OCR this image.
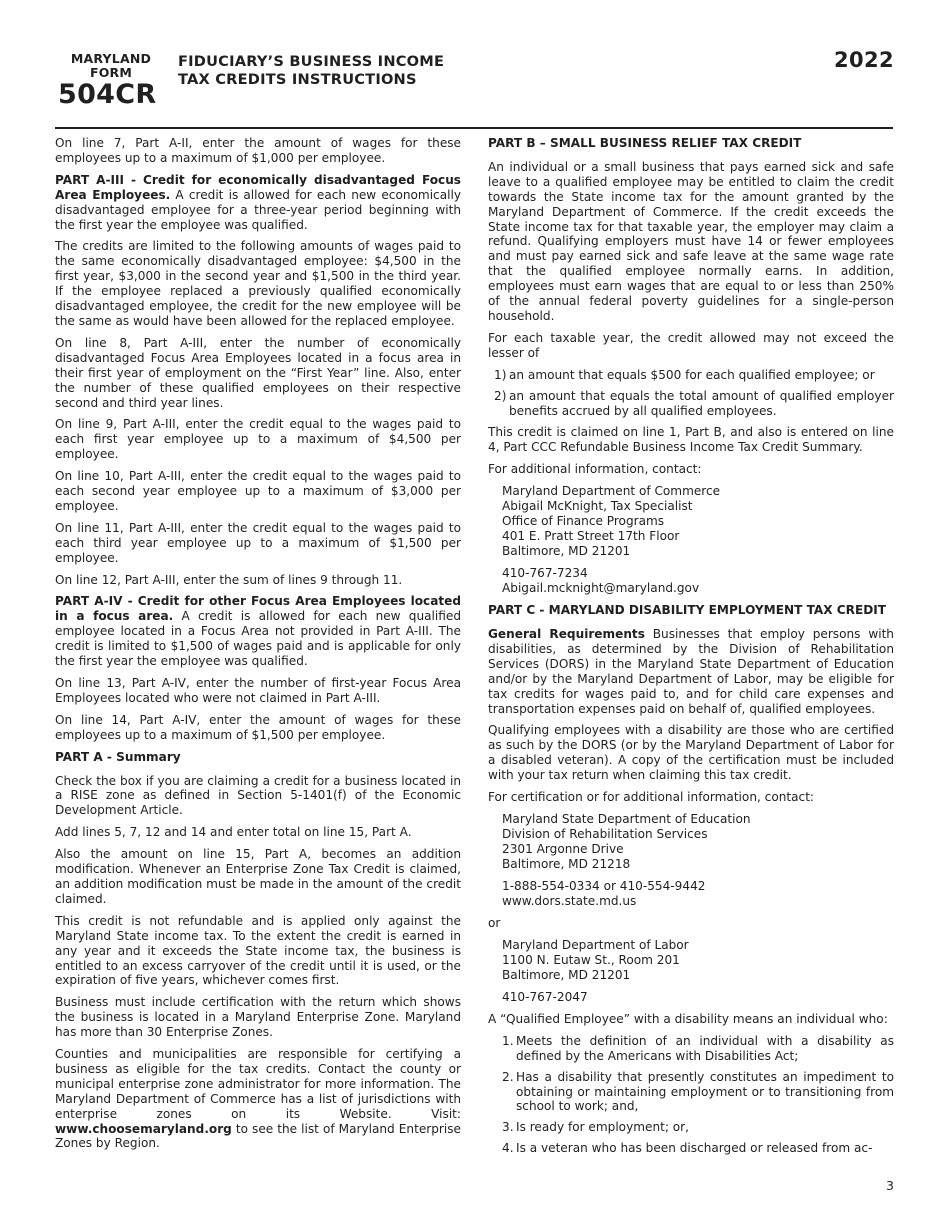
MARYLAND
FORM
504CR
FIDUCIARY’S BUSINESS INCOME
TAX CREDITS INSTRUCTIONS
2022

On line 7, Part A-II, enter the amount of wages for these employees up to a maximum of $1,000 per employee.

PART A-III - Credit for economically disadvantaged Focus Area Employees. A credit is allowed for each new economically disadvantaged employee for a three-year period beginning with the first year the employee was qualified.

The credits are limited to the following amounts of wages paid to the same economically disadvantaged employee: $4,500 in the first year, $3,000 in the second year and $1,500 in the third year. If the employee replaced a previously qualified economically disadvantaged employee, the credit for the new employee will be the same as would have been allowed for the replaced employee.

On line 8, Part A-III, enter the number of economically disadvantaged Focus Area Employees located in a focus area in their first year of employment on the “First Year” line. Also, enter the number of these qualified employees on their respective second and third year lines.

On line 9, Part A-III, enter the credit equal to the wages paid to each first year employee up to a maximum of $4,500 per employee.

On line 10, Part A-III, enter the credit equal to the wages paid to each second year employee up to a maximum of $3,000 per employee.

On line 11, Part A-III, enter the credit equal to the wages paid to each third year employee up to a maximum of $1,500 per employee.

On line 12, Part A-III, enter the sum of lines 9 through 11.

PART A-IV - Credit for other Focus Area Employees located in a focus area. A credit is allowed for each new qualified employee located in a Focus Area not provided in Part A-III. The credit is limited to $1,500 of wages paid and is applicable for only the first year the employee was qualified.

On line 13, Part A-IV, enter the number of first-year Focus Area Employees located who were not claimed in Part A-III.

On line 14, Part A-IV, enter the amount of wages for these employees up to a maximum of $1,500 per employee.

PART A - Summary

Check the box if you are claiming a credit for a business located in a RISE zone as defined in Section 5-1401(f) of the Economic Development Article.

Add lines 5, 7, 12 and 14 and enter total on line 15, Part A.

Also the amount on line 15, Part A, becomes an addition modification. Whenever an Enterprise Zone Tax Credit is claimed, an addition modification must be made in the amount of the credit claimed.

This credit is not refundable and is applied only against the Maryland State income tax. To the extent the credit is earned in any year and it exceeds the State income tax, the business is entitled to an excess carryover of the credit until it is used, or the expiration of five years, whichever comes first.

Business must include certification with the return which shows the business is located in a Maryland Enterprise Zone. Maryland has more than 30 Enterprise Zones.

Counties and municipalities are responsible for certifying a business as eligible for the tax credits. Contact the county or municipal enterprise zone administrator for more information. The Maryland Department of Commerce has a list of jurisdictions with enterprise zones on its Website. Visit: www.choosemaryland.org to see the list of Maryland Enterprise Zones by Region.

PART B – SMALL BUSINESS RELIEF TAX CREDIT

An individual or a small business that pays earned sick and safe leave to a qualified employee may be entitled to claim the credit towards the State income tax for the amount granted by the Maryland Department of Commerce. If the credit exceeds the State income tax for that taxable year, the employer may claim a refund. Qualifying employers must have 14 or fewer employees and must pay earned sick and safe leave at the same wage rate that the qualified employee normally earns. In addition, employees must earn wages that are equal to or less than 250% of the annual federal poverty guidelines for a single-person household.

For each taxable year, the credit allowed may not exceed the lesser of

1) an amount that equals $500 for each qualified employee; or
2) an amount that equals the total amount of qualified employer benefits accrued by all qualified employees.

This credit is claimed on line 1, Part B, and also is entered on line 4, Part CCC Refundable Business Income Tax Credit Summary.

For additional information, contact:

Maryland Department of Commerce
Abigail McKnight, Tax Specialist
Office of Finance Programs
401 E. Pratt Street 17th Floor
Baltimore, MD 21201
410-767-7234
Abigail.mcknight@maryland.gov
PART C - MARYLAND DISABILITY EMPLOYMENT TAX CREDIT

General Requirements Businesses that employ persons with disabilities, as determined by the Division of Rehabilitation Services (DORS) in the Maryland State Department of Education and/or by the Maryland Department of Labor, may be eligible for tax credits for wages paid to, and for child care expenses and transportation expenses paid on behalf of, qualified employees.

Qualifying employees with a disability are those who are certified as such by the DORS (or by the Maryland Department of Labor for a disabled veteran). A copy of the certification must be included with your tax return when claiming this tax credit.

For certification or for additional information, contact:

Maryland State Department of Education
Division of Rehabilitation Services
2301 Argonne Drive
Baltimore, MD 21218
1-888-554-0334 or 410-554-9442
www.dors.state.md.us

or

Maryland Department of Labor
1100 N. Eutaw St., Room 201
Baltimore, MD 21201
410-767-2047

A “Qualified Employee” with a disability means an individual who:

1. Meets the definition of an individual with a disability as defined by the Americans with Disabilities Act;
2. Has a disability that presently constitutes an impediment to obtaining or maintaining employment or to transitioning from school to work; and,
3. Is ready for employment; or,
4. Is a veteran who has been discharged or released from ac-
3
